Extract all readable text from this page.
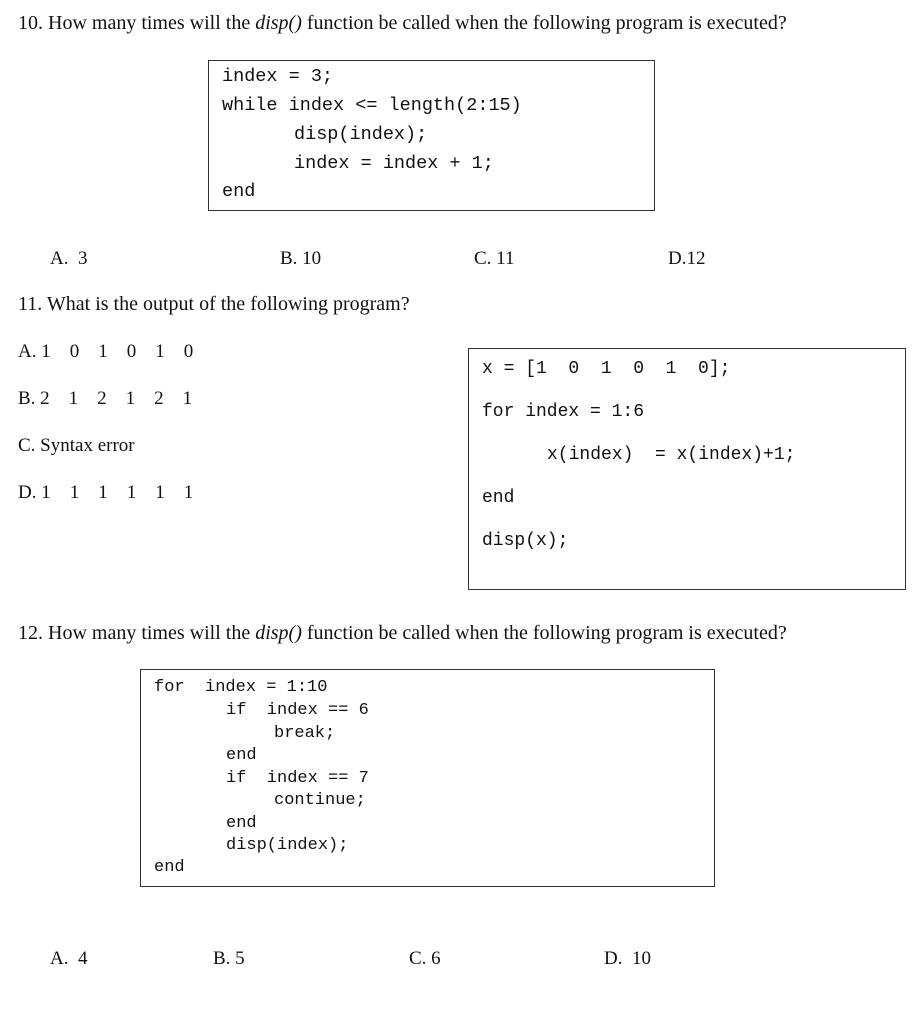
10. How many times will the disp() function be called when the following program is executed?
index = 3;
while index <= length(2:15)
disp(index);
index = index + 1;
end
A.  3	B. 10	C. 11	D.12
11. What is the output of the following program?
A. 1    0    1    0    1    0
B. 2    1    2    1    2    1
C. Syntax error
D. 1    1    1    1    1    1
x = [1  0  1  0  1  0];
for index = 1:6
x(index)  = x(index)+1;
end
disp(x);
12. How many times will the disp() function be called when the following program is executed?
for  index = 1:10
if  index == 6
break;
end
if  index == 7
continue;
end
disp(index);
end
A.  4	B. 5	C. 6	D.  10
